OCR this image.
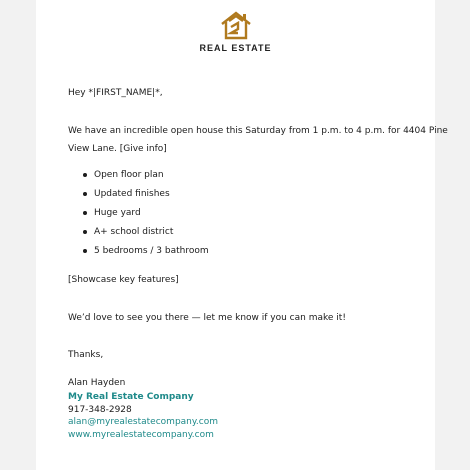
REAL ESTATE
Hey *|FIRST_NAME|*,
We have an incredible open house this Saturday from 1 p.m. to 4 p.m. for 4404 Pine
View Lane. [Give info]
Open floor plan
Updated finishes
Huge yard
A+ school district
5 bedrooms / 3 bathroom
[Showcase key features]
We’d love to see you there — let me know if you can make it!
Thanks,
Alan Hayden
My Real Estate Company
917-348-2928
alan@myrealestatecompany.com
www.myrealestatecompany.com
